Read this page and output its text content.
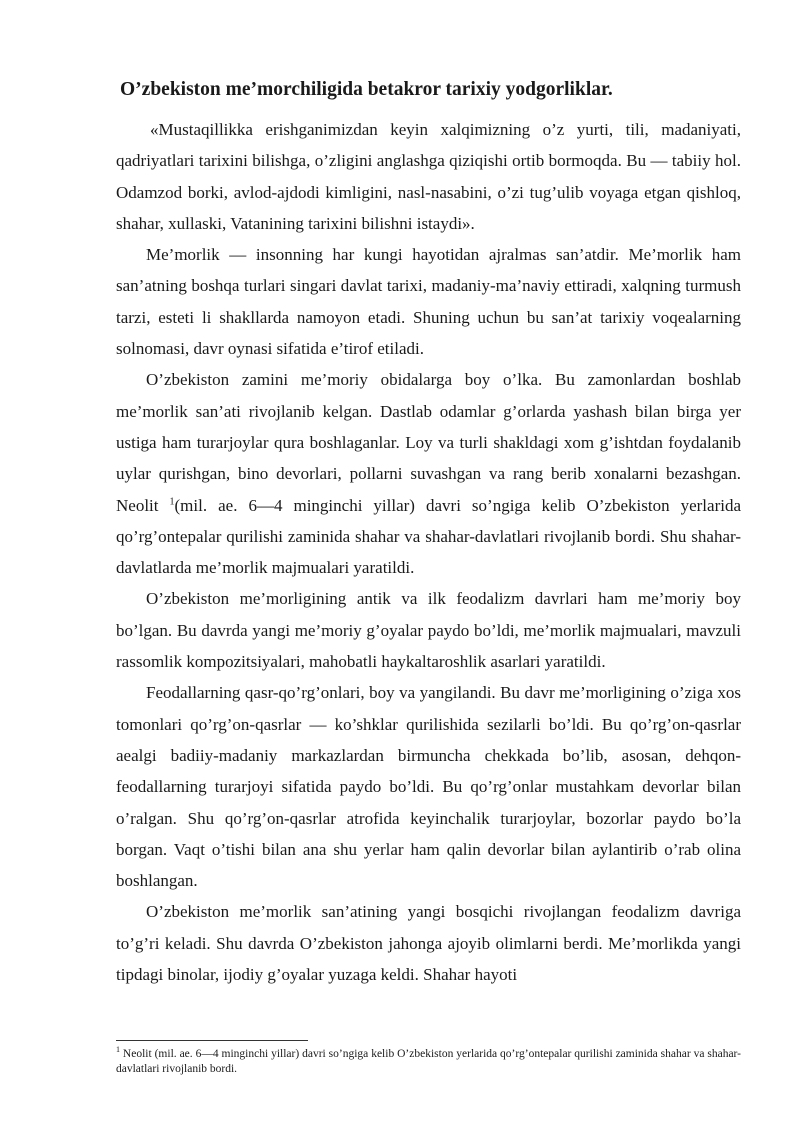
O’zbekiston me’morchiligida betakror tarixiy yodgorliklar.

«Mustaqillikka erishganimizdan keyin xalqimizning o’z yurti, tili, madaniyati, qadriyatlari tarixini bilishga, o’zligini anglashga qiziqishi ortib bormoqda. Bu — tabiiy hol. Odamzod borki, avlod-ajdodi kimligini, nasl-nasabini, o’zi tug’ulib voyaga etgan qishloq, shahar, xullaski, Vatanining tarixini bilishni istaydi».

Me’morlik — insonning har kungi hayotidan ajralmas san’atdir. Me’morlik ham san’atning boshqa turlari singari davlat tarixi, madaniy-ma’naviy ettiradi, xalqning turmush tarzi, esteti li shakllarda namoyon etadi. Shuning uchun bu san’at tarixiy voqealarning solnomasi, davr oynasi sifatida e’tirof etiladi.

O’zbekiston zamini me’moriy obidalarga boy o’lka. Bu zamonlardan boshlab me’morlik san’ati rivojlanib kelgan. Dastlab odamlar g’orlarda yashash bilan birga yer ustiga ham turarjoylar qura boshlaganlar. Loy va turli shakldagi xom g’ishtdan foydalanib uylar qurishgan, bino devorlari, pollarni suvashgan va rang berib xonalarni bezashgan. Neolit $^1$(mil. ae. 6—4 minginchi yillar) davri so’ngiga kelib O’zbekiston yerlarida qo’rg’ontepalar qurilishi zaminida shahar va shahar-davlatlari rivojlanib bordi. Shu shahar-davlatlarda me’morlik majmualari yaratildi.

O’zbekiston me’morligining antik va ilk feodalizm davrlari ham me’moriy boy bo’lgan. Bu davrda yangi me’moriy g’oyalar paydo bo’ldi, me’morlik majmualari, mavzuli rassomlik kompozitsiyalari, mahobatli haykaltaroshlik asarlari yaratildi.

Feodallarning qasr-qo’rg’onlari, boy va yangilandi. Bu davr me’morligining o’ziga xos tomonlari qo’rg’on-qasrlar — ko’shklar qurilishida sezilarli bo’ldi. Bu qo’rg’on-qasrlar aealgi badiiy-madaniy markazlardan birmuncha chekkada bo’lib, asosan, dehqon-feodallarning turarjoyi sifatida paydo bo’ldi. Bu qo’rg’onlar mustahkam devorlar bilan o’ralgan. Shu qo’rg’on-qasrlar atrofida keyinchalik turarjoylar, bozorlar paydo bo’la borgan. Vaqt o’tishi bilan ana shu yerlar ham qalin devorlar bilan aylantirib o’rab olina boshlangan.

O’zbekiston me’morlik san’atining yangi bosqichi rivojlangan feodalizm davriga to’g’ri keladi. Shu davrda O’zbekiston jahonga ajoyib olimlarni berdi. Me’morlikda yangi tipdagi binolar, ijodiy g’oyalar yuzaga keldi. Shahar hayoti

$^1$ Neolit (mil. ae. 6—4 minginchi yillar) davri so’ngiga kelib O’zbekiston yerlarida qo’rg’ontepalar qurilishi zaminida shahar va shahar-davlatlari rivojlanib bordi.
